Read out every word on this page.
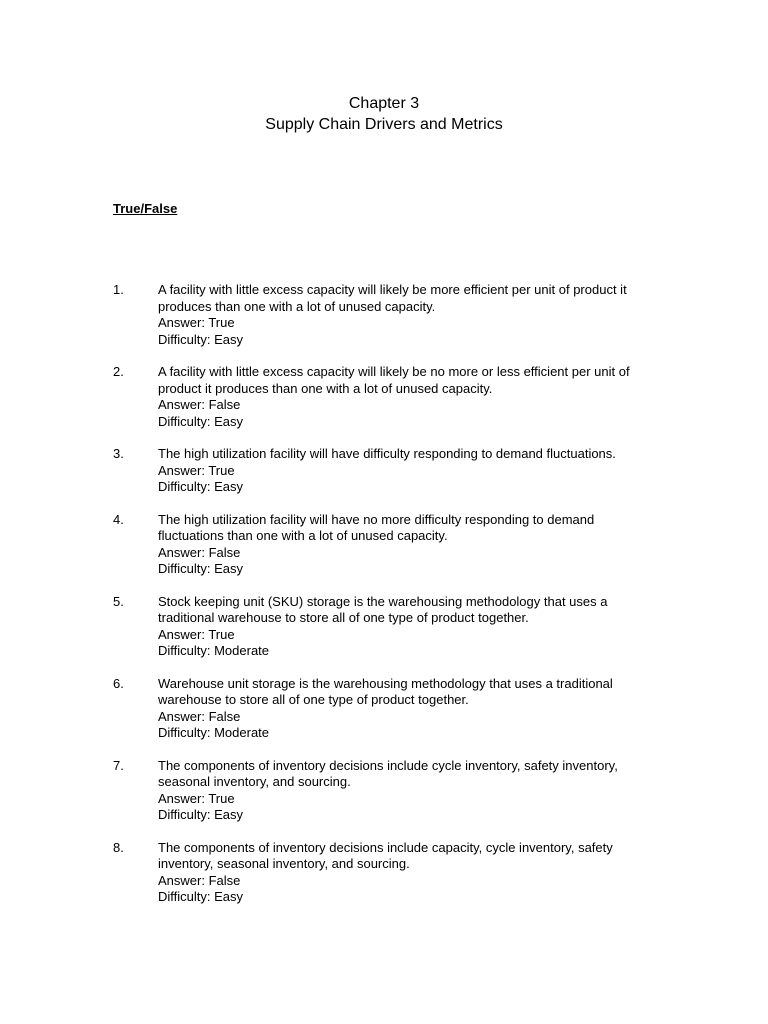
Chapter 3
Supply Chain Drivers and Metrics
True/False
1.	A facility with little excess capacity will likely be more efficient per unit of product it produces than one with a lot of unused capacity.
Answer: True
Difficulty: Easy
2.	A facility with little excess capacity will likely be no more or less efficient per unit of product it produces than one with a lot of unused capacity.
Answer: False
Difficulty: Easy
3.	The high utilization facility will have difficulty responding to demand fluctuations.
Answer: True
Difficulty: Easy
4.	The high utilization facility will have no more difficulty responding to demand fluctuations than one with a lot of unused capacity.
Answer: False
Difficulty: Easy
5.	Stock keeping unit (SKU) storage is the warehousing methodology that uses a traditional warehouse to store all of one type of product together.
Answer: True
Difficulty: Moderate
6.	Warehouse unit storage is the warehousing methodology that uses a traditional warehouse to store all of one type of product together.
Answer: False
Difficulty: Moderate
7.	The components of inventory decisions include cycle inventory, safety inventory, seasonal inventory, and sourcing.
Answer: True
Difficulty: Easy
8.	The components of inventory decisions include capacity, cycle inventory, safety inventory, seasonal inventory, and sourcing.
Answer: False
Difficulty: Easy
